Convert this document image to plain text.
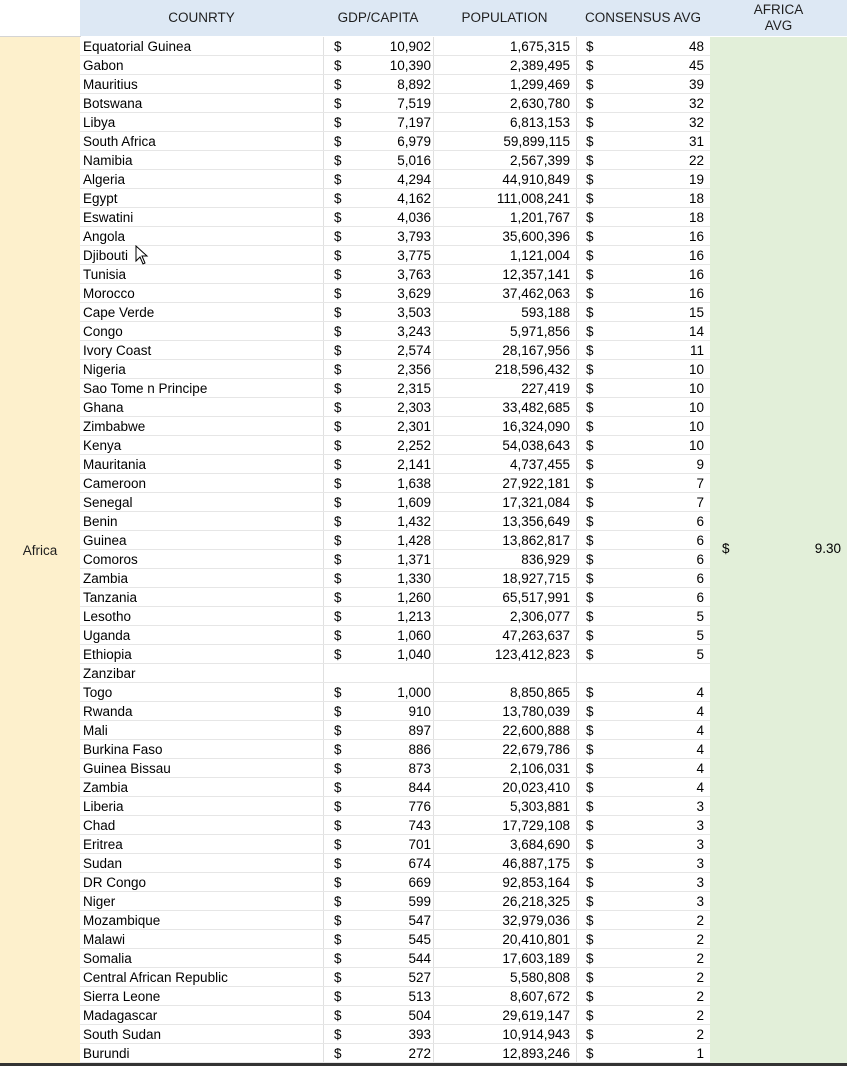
COUNRTY	GDP/CAPITA	POPULATION	CONSENSUS AVG
AFRICA
AVG
Africa	$	9.30
Equatorial Guinea	$	10,902	1,675,315 $	48
Gabon	$	10,390	2,389,495 $	45
Mauritius	$	8,892	1,299,469 $	39
Botswana	$	7,519	2,630,780 $	32
Libya	$	7,197	6,813,153 $	32
South Africa	$	6,979	59,899,115 $	31
Namibia	$	5,016	2,567,399 $	22
Algeria	$	4,294	44,910,849 $	19
Egypt	$	4,162	111,008,241 $	18
Eswatini	$	4,036	1,201,767 $	18
Angola	$	3,793	35,600,396 $	16
Djibouti	$	3,775	1,121,004 $	16
Tunisia	$	3,763	12,357,141 $	16
Morocco	$	3,629	37,462,063 $	16
Cape Verde	$	3,503	593,188 $	15
Congo	$	3,243	5,971,856 $	14
Ivory Coast	$	2,574	28,167,956 $	11
Nigeria	$	2,356	218,596,432 $	10
Sao Tome n Principe	$	2,315	227,419 $	10
Ghana	$	2,303	33,482,685 $	10
Zimbabwe	$	2,301	16,324,090 $	10
Kenya	$	2,252	54,038,643 $	10
Mauritania	$	2,141	4,737,455 $	9
Cameroon	$	1,638	27,922,181 $	7
Senegal	$	1,609	17,321,084 $	7
Benin	$	1,432	13,356,649 $	6
Guinea	$	1,428	13,862,817 $	6
Comoros	$	1,371	836,929 $	6
Zambia	$	1,330	18,927,715 $	6
Tanzania	$	1,260	65,517,991 $	6
Lesotho	$	1,213	2,306,077 $	5
Uganda	$	1,060	47,263,637 $	5
Ethiopia	$	1,040	123,412,823 $	5
Zanzibar
Togo	$	1,000	8,850,865 $	4
Rwanda	$	910	13,780,039 $	4
Mali	$	897	22,600,888 $	4
Burkina Faso	$	886	22,679,786 $	4
Guinea Bissau	$	873	2,106,031 $	4
Zambia	$	844	20,023,410 $	4
Liberia	$	776	5,303,881 $	3
Chad	$	743	17,729,108 $	3
Eritrea	$	701	3,684,690 $	3
Sudan	$	674	46,887,175 $	3
DR Congo	$	669	92,853,164 $	3
Niger	$	599	26,218,325 $	3
Mozambique	$	547	32,979,036 $	2
Malawi	$	545	20,410,801 $	2
Somalia	$	544	17,603,189 $	2
Central African Republic	$	527	5,580,808 $	2
Sierra Leone	$	513	8,607,672 $	2
Madagascar	$	504	29,619,147 $	2
South Sudan	$	393	10,914,943 $	2
Burundi	$	272	12,893,246 $	1
